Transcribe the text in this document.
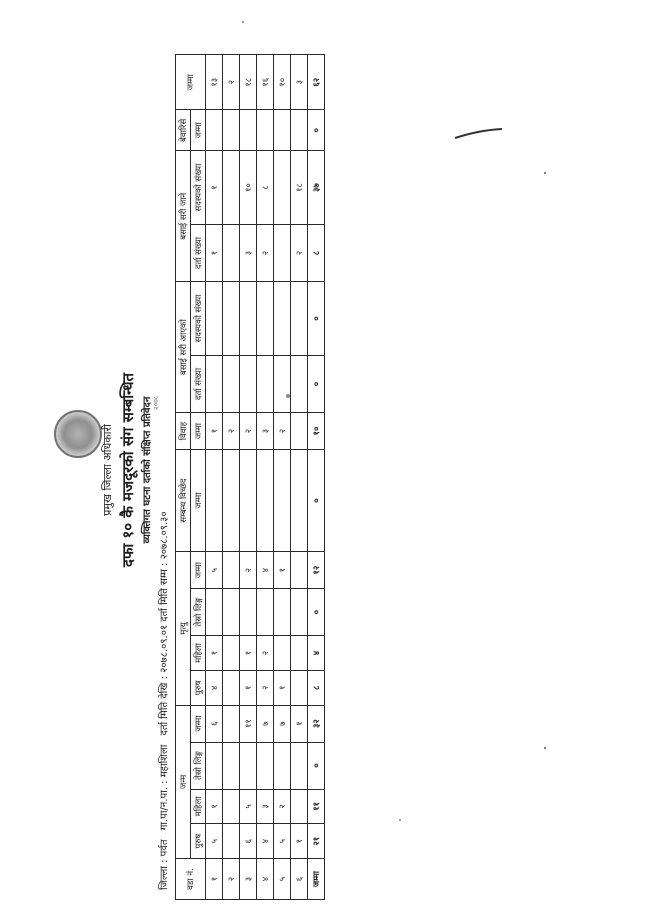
२०७८
दफा १० कै मजदूरको संग सम्बन्धित
प्रमुख जिल्ला अधिकारी	व्यक्तिगत घटना दर्ताको संक्षिप्त प्रतिवेदन
जिल्ला : पर्वत गा.पा/न.पा. : महाशिला दर्ता मिति देखि : २०७८.०९.०१ दर्ता मिति सम्म : २०७८.०९.३०
वडा नं.	जन्म				मृत्यु				सम्बन्ध विच्छेद	विवाह	बसाई सरी आएको		बसाई सरी जाने		बेवारिसे	जम्मा
	पुरुष	महिला	तेस्रो लिङ्ग	जम्मा	पुरुष	महिला	तेस्रो लिङ्ग	जम्मा	जम्मा	जम्मा	दर्ता संख्या	सदस्यको संख्या	दर्ता संख्या	सदस्यको संख्या	जम्मा	
१	५	१		६	४	१		५		१			१	१		१३
२										२						२
३	६	५		११	१	१		२		२			३	१०		१८
४	४	३		७	२	२		४		३			२	८		१६
५	५	२		७	१			१		२						१०
६	१			१									२	१८		३
जम्मा	२१	११	०	३२	८	४	०	१२	०	१०	०	०	८	३७	०	६२
